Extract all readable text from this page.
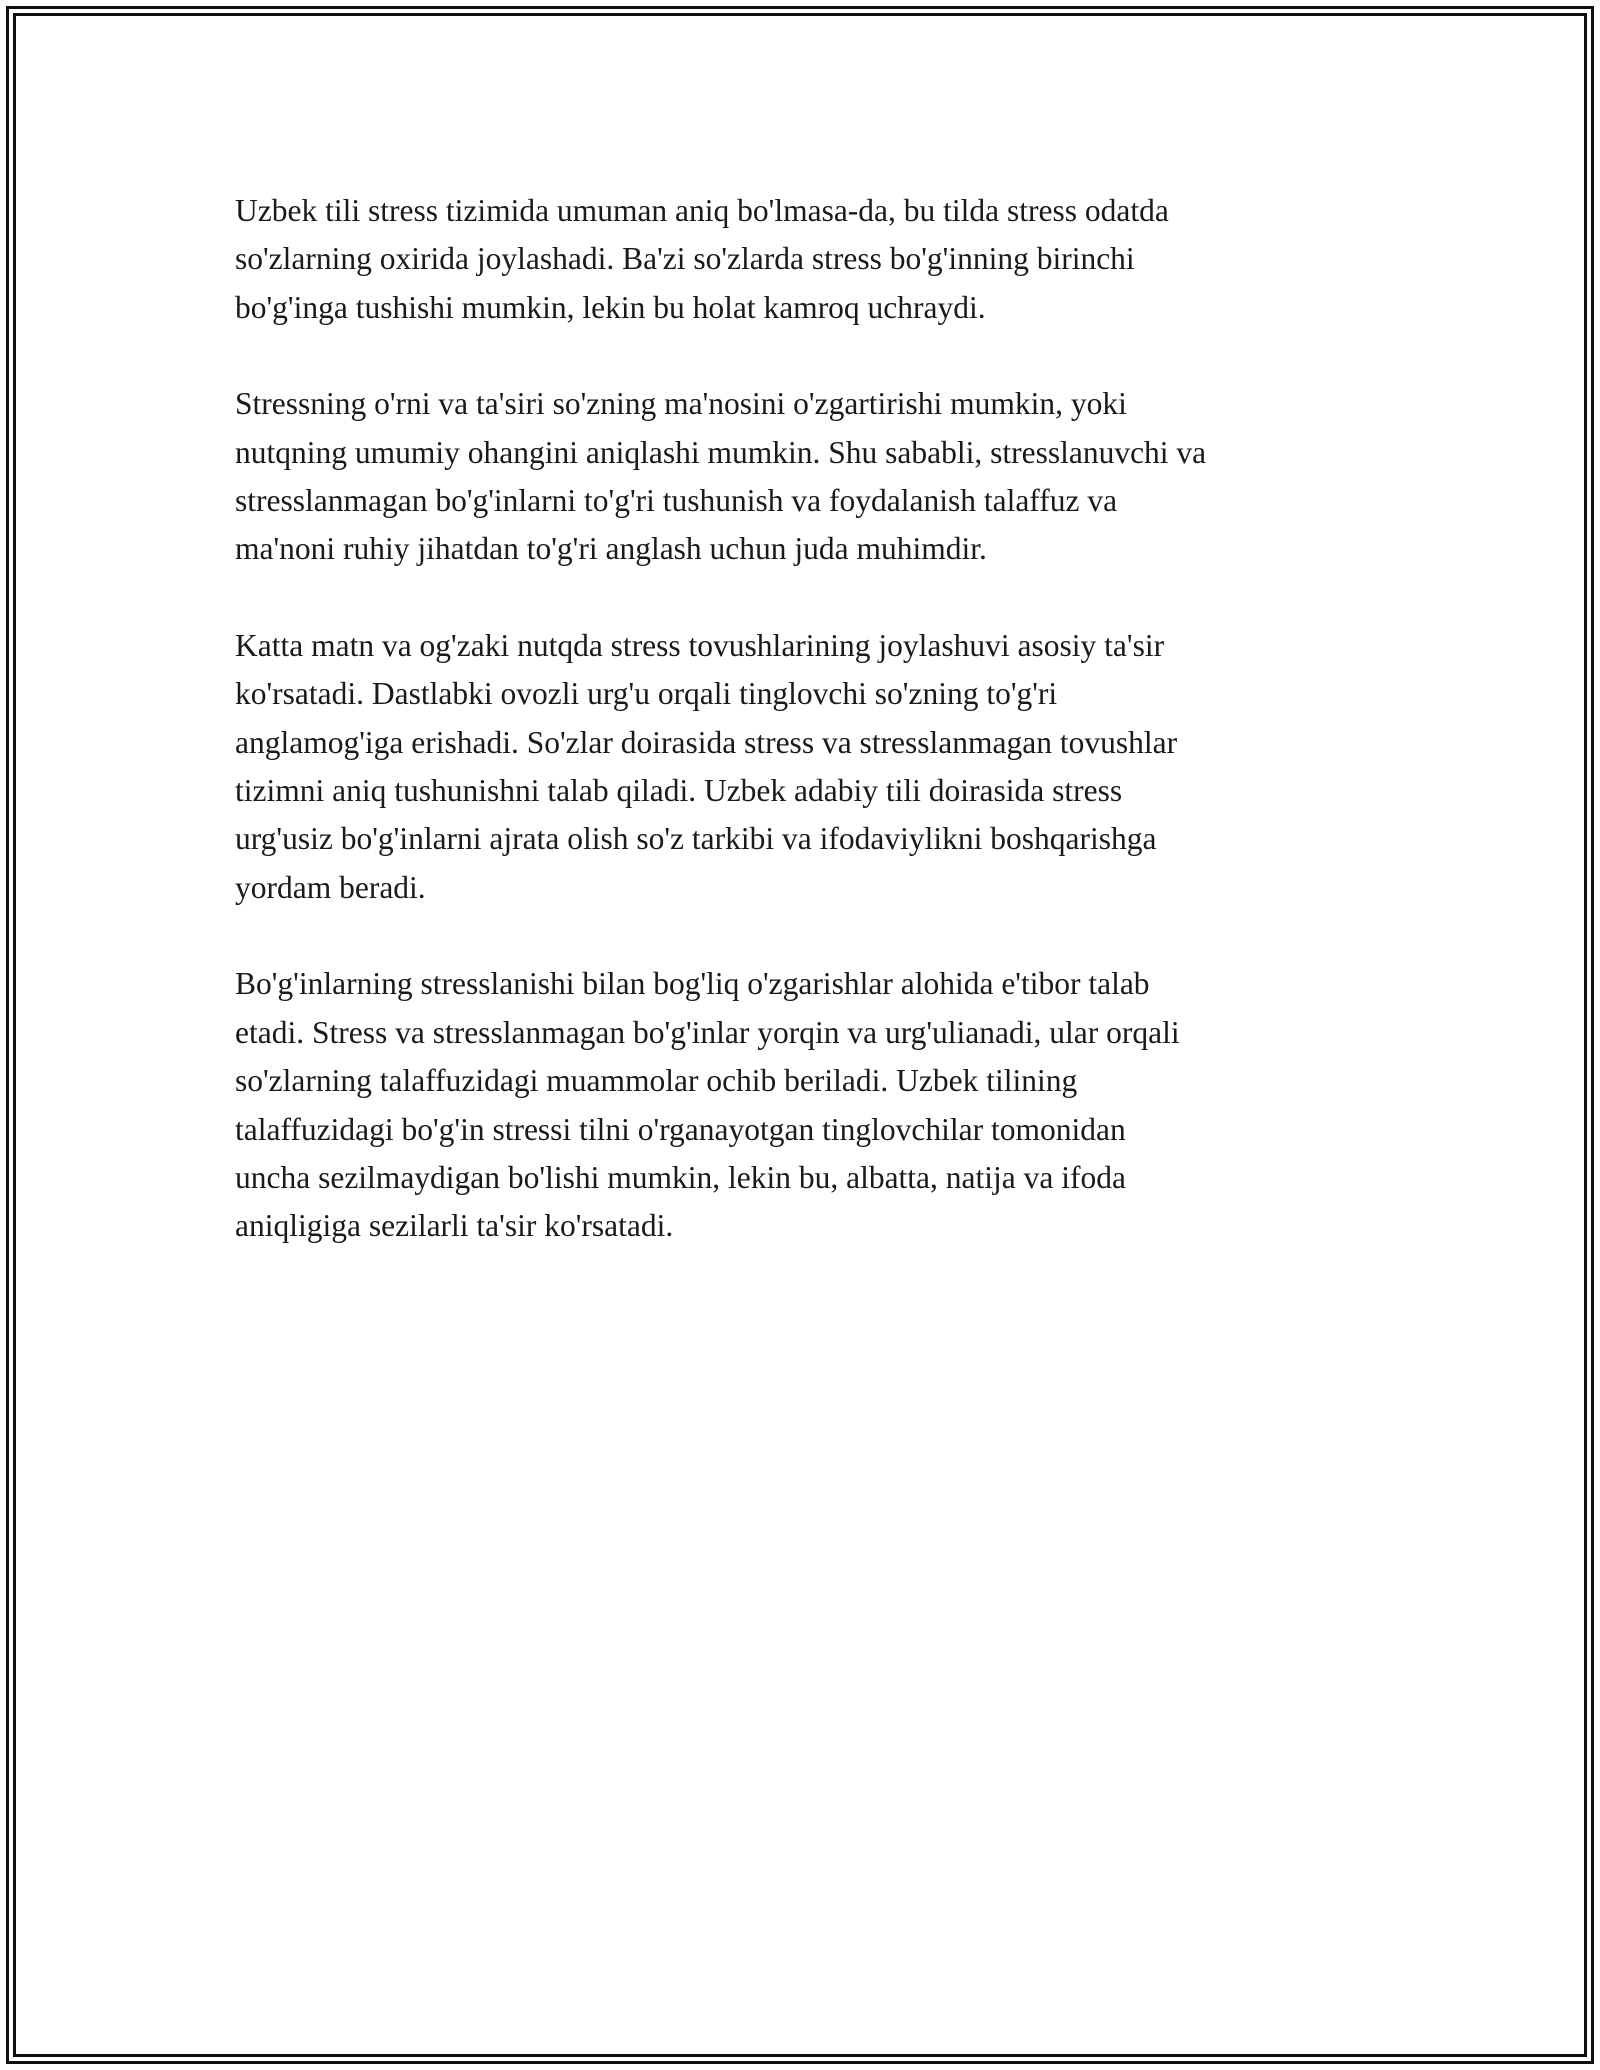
Uzbek tili stress tizimida umuman aniq bo'lmasa-da, bu tilda stress odatda
so'zlarning oxirida joylashadi. Ba'zi so'zlarda stress bo'g'inning birinchi
bo'g'inga tushishi mumkin, lekin bu holat kamroq uchraydi.

Stressning o'rni va ta'siri so'zning ma'nosini o'zgartirishi mumkin, yoki
nutqning umumiy ohangini aniqlashi mumkin. Shu sababli, stresslanuvchi va
stresslanmagan bo'g'inlarni to'g'ri tushunish va foydalanish talaffuz va
ma'noni ruhiy jihatdan to'g'ri anglash uchun juda muhimdir.

Katta matn va og'zaki nutqda stress tovushlarining joylashuvi asosiy ta'sir
ko'rsatadi. Dastlabki ovozli urg'u orqali tinglovchi so'zning to'g'ri
anglamog'iga erishadi. So'zlar doirasida stress va stresslanmagan tovushlar
tizimni aniq tushunishni talab qiladi. Uzbek adabiy tili doirasida stress
urg'usiz bo'g'inlarni ajrata olish so'z tarkibi va ifodaviylikni boshqarishga
yordam beradi.

Bo'g'inlarning stresslanishi bilan bog'liq o'zgarishlar alohida e'tibor talab
etadi. Stress va stresslanmagan bo'g'inlar yorqin va urg'ulianadi, ular orqali
so'zlarning talaffuzidagi muammolar ochib beriladi. Uzbek tilining
talaffuzidagi bo'g'in stressi tilni o'rganayotgan tinglovchilar tomonidan
uncha sezilmaydigan bo'lishi mumkin, lekin bu, albatta, natija va ifoda
aniqligiga sezilarli ta'sir ko'rsatadi.
